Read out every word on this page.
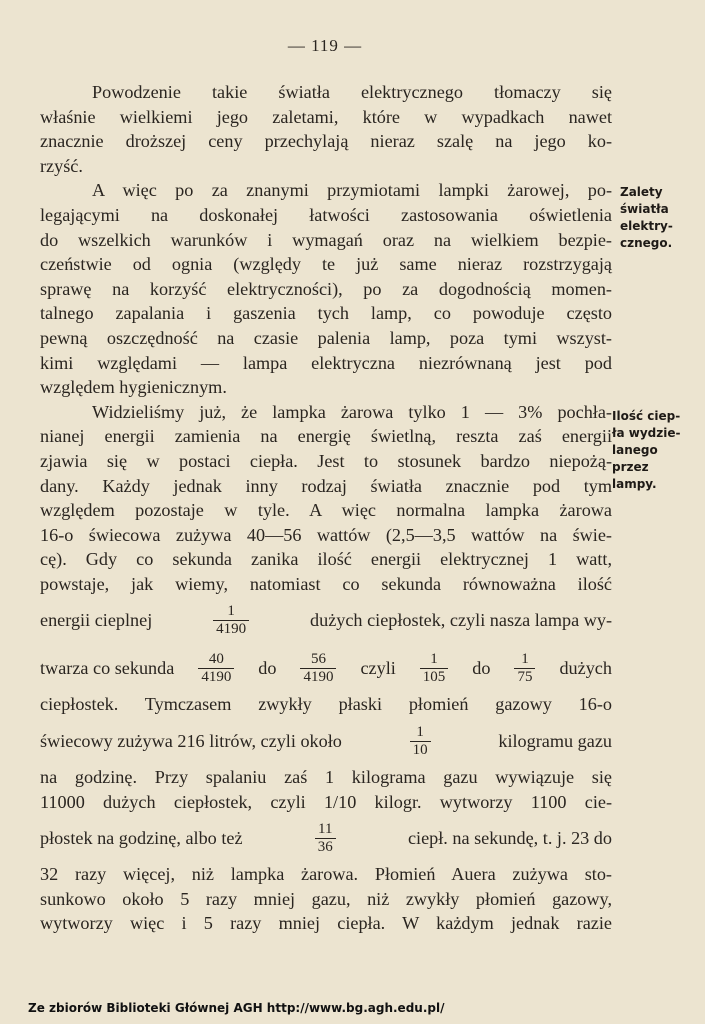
— 119 —
Powodzenie takie światła elektrycznego tłomaczy się
właśnie wielkiemi jego zaletami, które w wypadkach nawet
znacznie droższej ceny przechylają nieraz szalę na jego ko-
rzyść.
A więc po za znanymi przymiotami lampki żarowej, po-
legającymi na doskonałej łatwości zastosowania oświetlenia
do wszelkich warunków i wymagań oraz na wielkiem bezpie-
czeństwie od ognia (względy te już same nieraz rozstrzygają
sprawę na korzyść elektryczności), po za dogodnością momen-
talnego zapalania i gaszenia tych lamp, co powoduje często
pewną oszczędność na czasie palenia lamp, poza tymi wszyst-
kimi względami — lampa elektryczna niezrównaną jest pod
względem hygienicznym.
Widzieliśmy już, że lampka żarowa tylko 1 — 3% pochła-
nianej energii zamienia na energię świetlną, reszta zaś energii
zjawia się w postaci ciepła. Jest to stosunek bardzo niepożą-
dany. Każdy jednak inny rodzaj światła znacznie pod tym
względem pozostaje w tyle. A więc normalna lampka żarowa
16-o świecowa zużywa 40—56 wattów (2,5—3,5 wattów na świe-
cę). Gdy co sekunda zanika ilość energii elektrycznej 1 watt,
powstaje, jak wiemy, natomiast co sekunda równoważna ilość
energii cieplnej	$\frac{1}{4190}$	dużych ciepłostek, czyli nasza lampa wy-
twarza co sekunda $\frac{40}{4190}$ do $\frac{56}{4190}$ czyli $\frac{1}{105}$ do $\frac{1}{75}$ dużych
ciepłostek. Tymczasem zwykły płaski płomień gazowy 16-o
świecowy zużywa 216 litrów, czyli około	$\frac{1}{10}$	kilogramu gazu
na godzinę. Przy spalaniu zaś 1 kilograma gazu wywiązuje się
11000 dużych ciepłostek, czyli 1/10 kilogr. wytworzy 1100 cie-
płostek na godzinę, albo też	$\frac{11}{36}$	ciepł. na sekundę, t. j. 23 do
32 razy więcej, niż lampka żarowa. Płomień Auera zużywa sto-
sunkowo około 5 razy mniej gazu, niż zwykły płomień gazowy,
wytworzy więc i 5 razy mniej ciepła. W każdym jednak razie
Zalety
światła
elektry-
cznego.
Ilość ciep-
ła wydzie-
lanego
przez
lampy.
Ze zbiorów Biblioteki Głównej AGH http://www.bg.agh.edu.pl/
